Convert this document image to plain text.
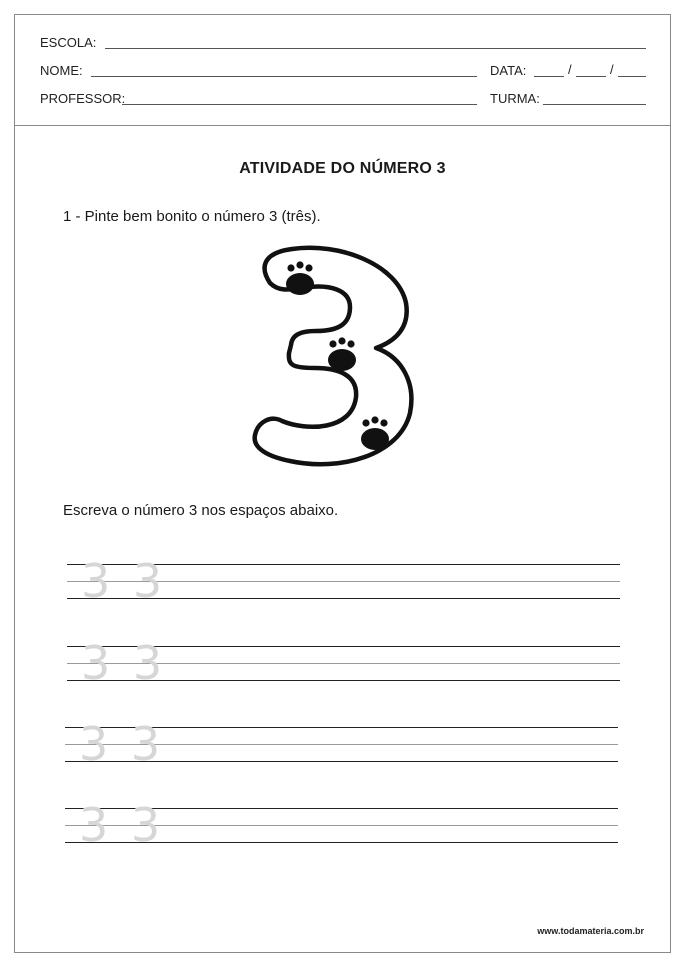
ESCOLA:
NOME:	DATA:	/	/
PROFESSOR:	TURMA:
ATIVIDADE DO NÚMERO 3
1 - Pinte bem bonito o número 3 (três).
Escreva o número 3 nos espaços abaixo.
3 3
3 3
3 3
3 3
www.todamateria.com.br
